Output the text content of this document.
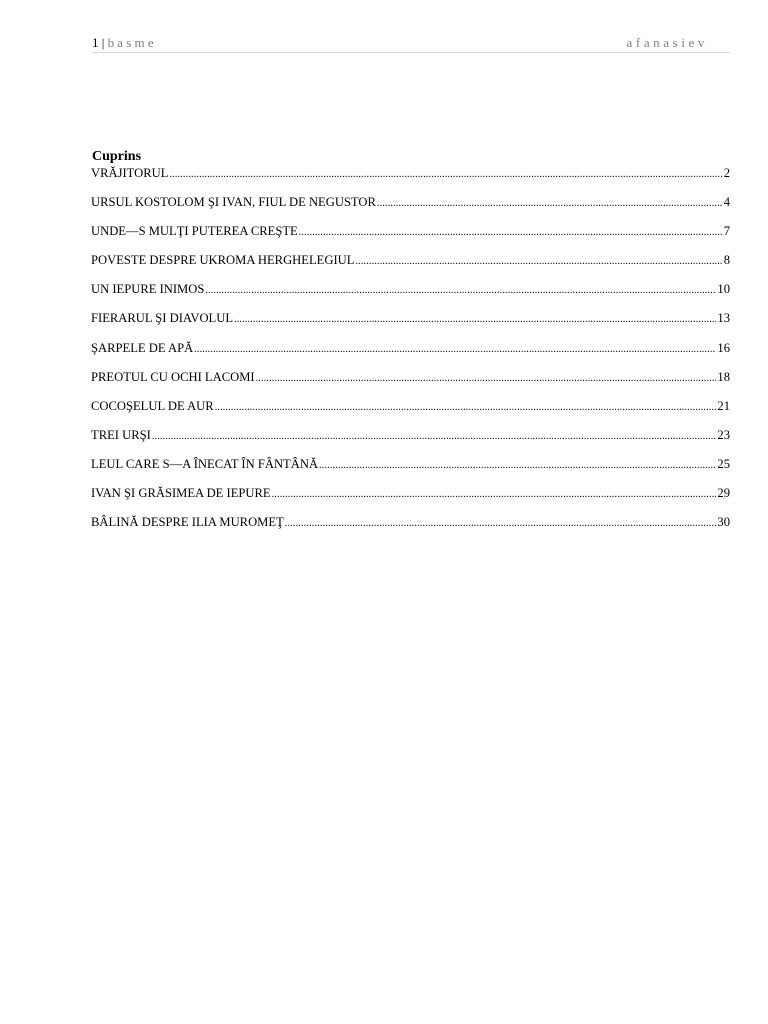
1 | basme	afanasiev
Cuprins
VRĂJITORUL .....	2
URSUL KOSTOLOM ŞI IVAN, FIUL DE NEGUSTOR .....	4
UNDE—S MULŢI PUTEREA CREŞTE .....	7
POVESTE DESPRE UKROMA HERGHELEGIUL .....	8
UN IEPURE INIMOS .....	10
FIERARUL ŞI DIAVOLUL .....	13
ŞARPELE DE APĂ .....	16
PREOTUL CU OCHI LACOMI .....	18
COCOŞELUL DE AUR .....	21
TREI URŞI .....	23
LEUL CARE S—A ÎNECAT ÎN FÂNTÂNĂ .....	25
IVAN ŞI GRĂSIMEA DE IEPURE .....	29
BÂLINĂ DESPRE ILIA MUROMEŢ .....	30
